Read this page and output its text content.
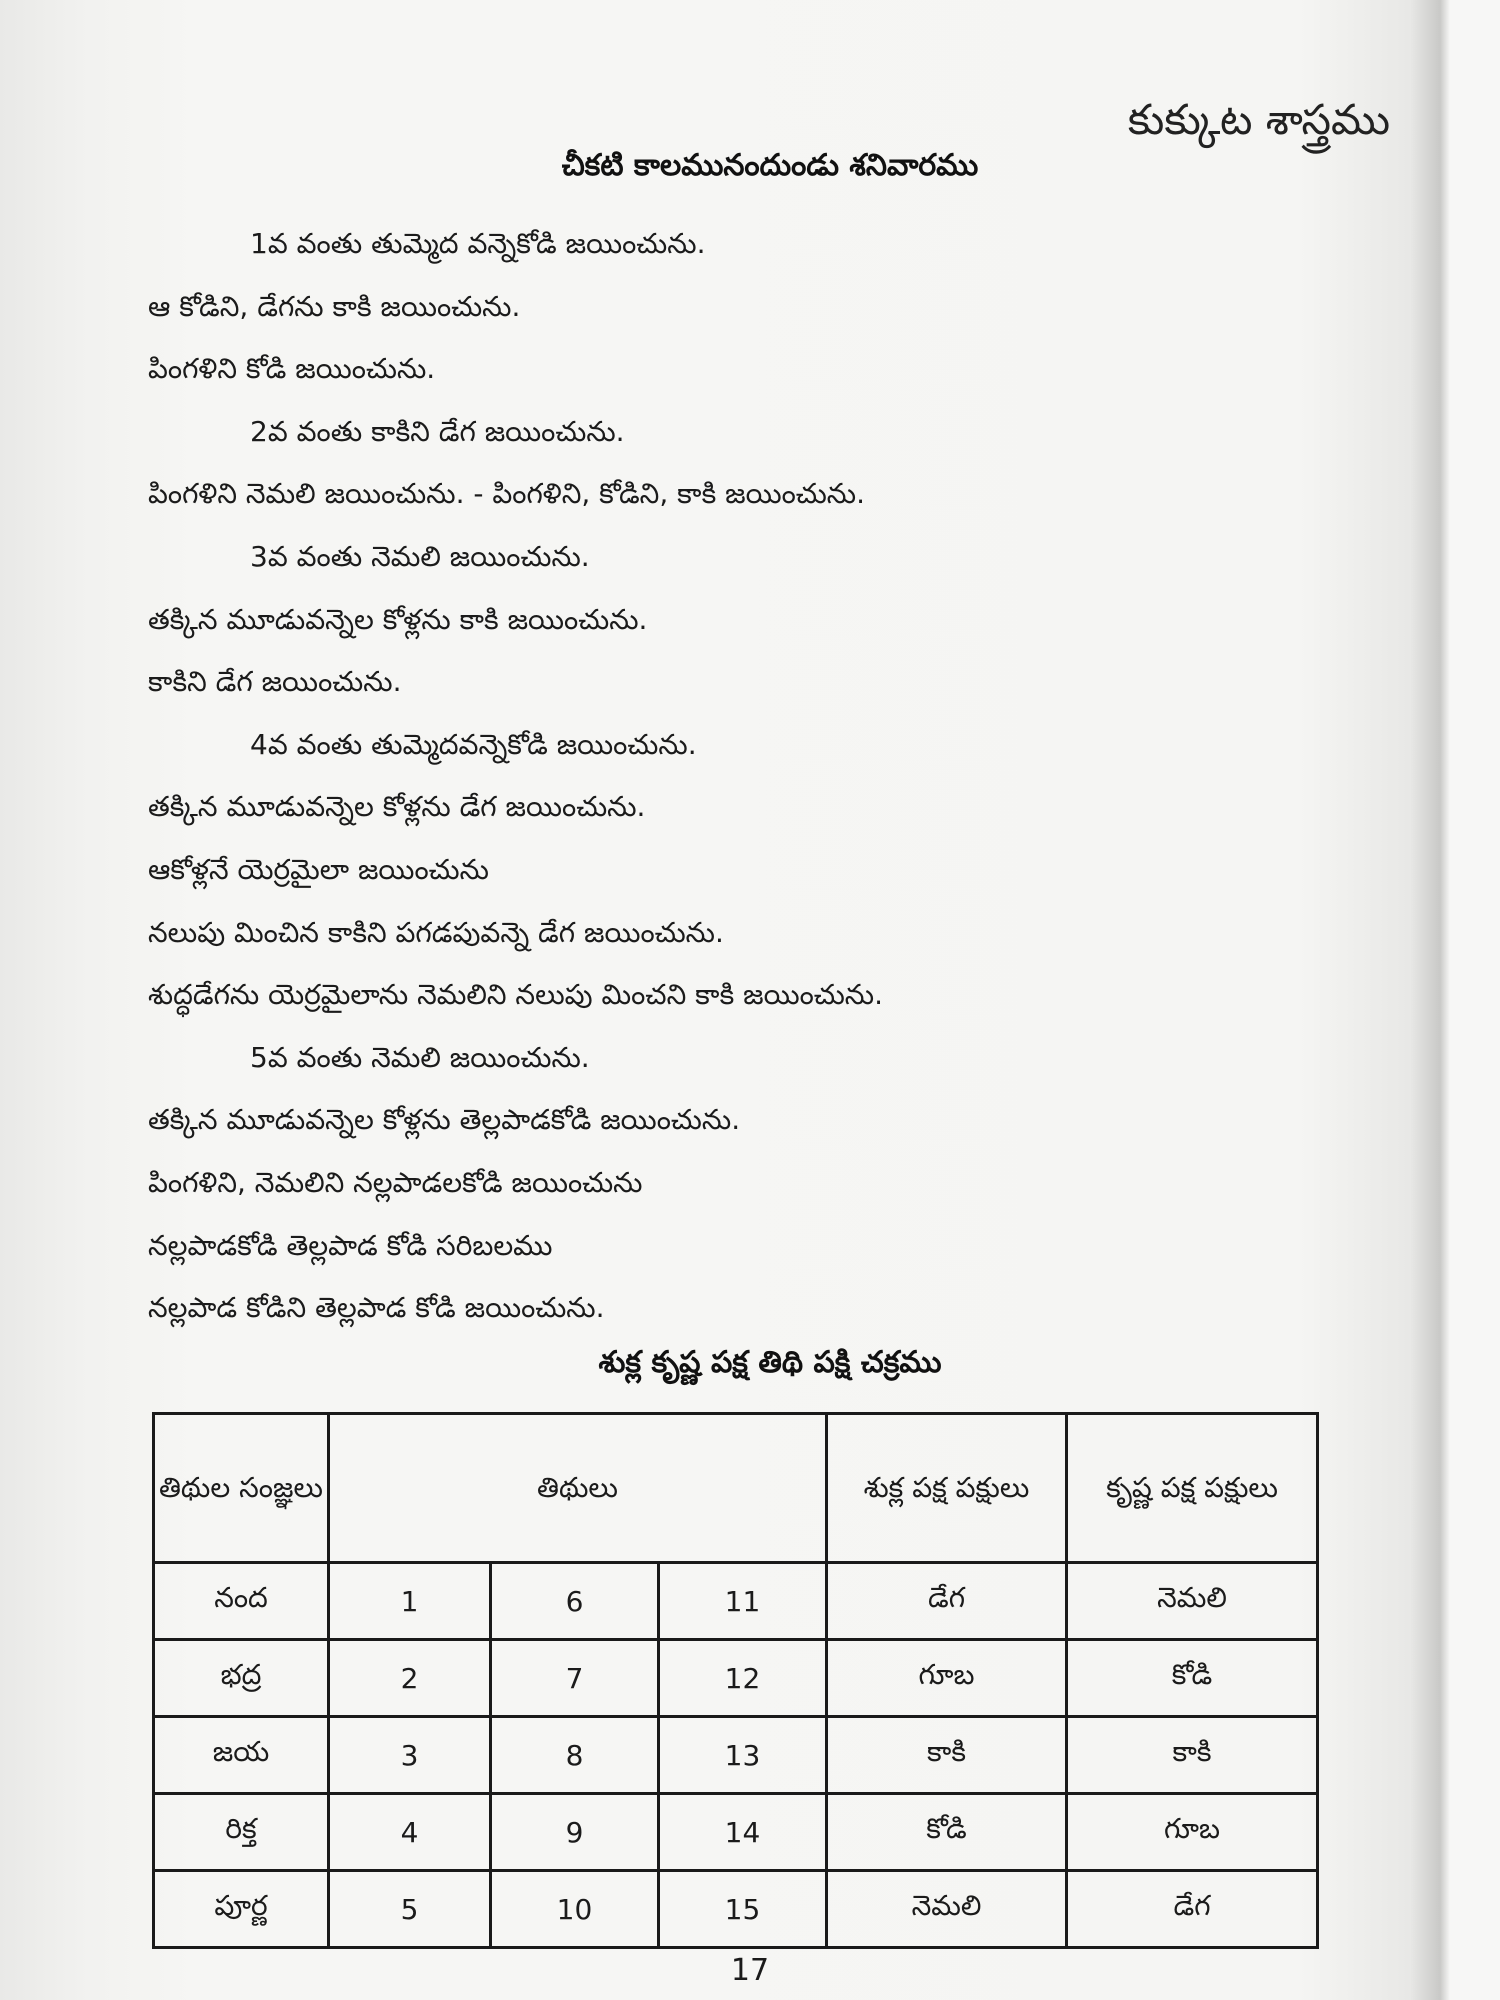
కుక్కుట శాస్త్రము
చీకటి కాలమునందుండు శనివారము
1వ వంతు తుమ్మెద వన్నెకోడి జయించును.
ఆ కోడిని, డేగను కాకి జయించును.
పింగళిని కోడి జయించును.
2వ వంతు కాకిని డేగ జయించును.
పింగళిని నెమలి జయించును. - పింగళిని, కోడిని, కాకి జయించును.
3వ వంతు నెమలి జయించును.
తక్కిన మూడువన్నెల కోళ్లను కాకి జయించును.
కాకిని డేగ జయించును.
4వ వంతు తుమ్మెదవన్నెకోడి జయించును.
తక్కిన మూడువన్నెల కోళ్లను డేగ జయించును.
ఆకోళ్లనే యెర్రమైలా జయించును
నలుపు మించిన కాకిని పగడపువన్నె డేగ జయించును.
శుద్ధడేగను యెర్రమైలాను నెమలిని నలుపు మించని కాకి జయించును.
5వ వంతు నెమలి జయించును.
తక్కిన మూడువన్నెల కోళ్లను తెల్లపాడకోడి జయించును.
పింగళిని, నెమలిని నల్లపాడలకోడి జయించును
నల్లపాడకోడి తెల్లపాడ కోడి సరిబలము
నల్లపాడ కోడిని తెల్లపాడ కోడి జయించును.
శుక్ల కృష్ణ పక్ష తిథి పక్షి చక్రము
తిథుల సంజ్ఞలు	తిథులు			శుక్ల పక్ష పక్షులు	కృష్ణ పక్ష పక్షులు
నంద	1	6	11	డేగ	నెమలి
భద్ర	2	7	12	గూబ	కోడి
జయ	3	8	13	కాకి	కాకి
రిక్త	4	9	14	కోడి	గూబ
పూర్ణ	5	10	15	నెమలి	డేగ
17
